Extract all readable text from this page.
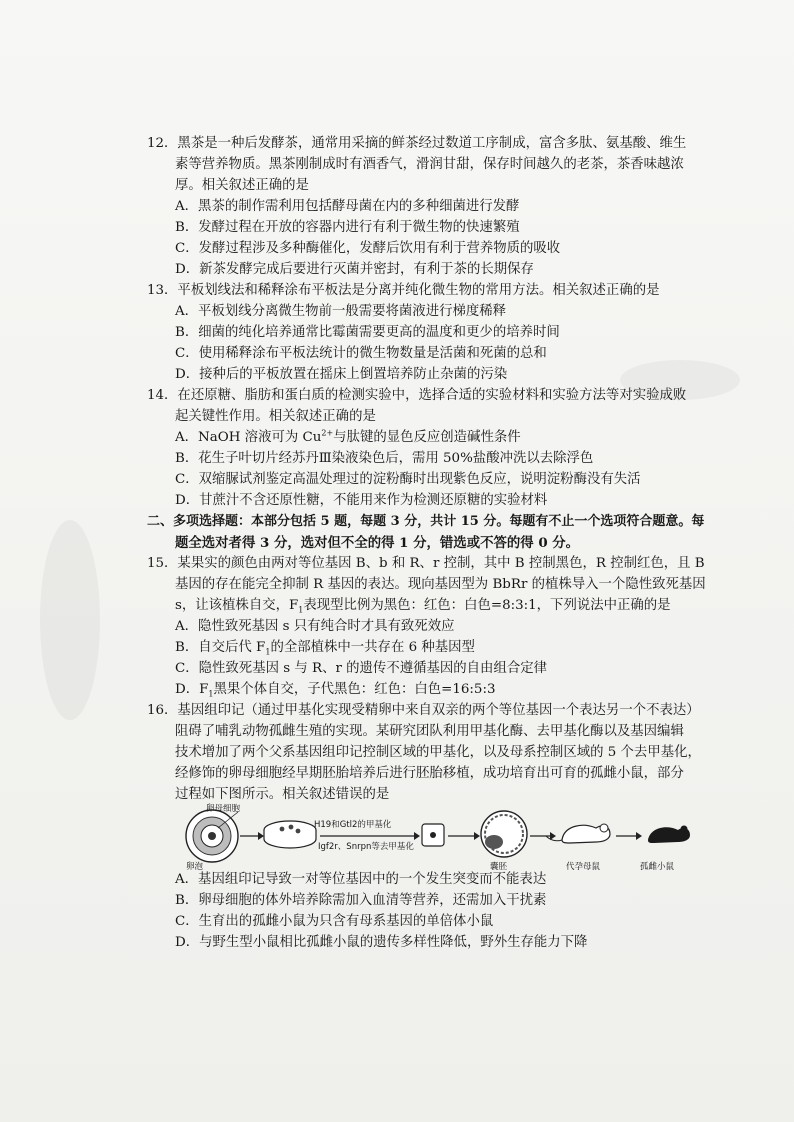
12．黑茶是一种后发酵茶，通常用采摘的鲜茶经过数道工序制成，富含多肽、氨基酸、维生
素等营养物质。黑茶刚制成时有酒香气，滑润甘甜，保存时间越久的老茶，茶香味越浓
厚。相关叙述正确的是
A．黑茶的制作需利用包括酵母菌在内的多种细菌进行发酵
B．发酵过程在开放的容器内进行有利于微生物的快速繁殖
C．发酵过程涉及多种酶催化，发酵后饮用有利于营养物质的吸收
D．新茶发酵完成后要进行灭菌并密封，有利于茶的长期保存
13．平板划线法和稀释涂布平板法是分离并纯化微生物的常用方法。相关叙述正确的是
A．平板划线分离微生物前一般需要将菌液进行梯度稀释
B．细菌的纯化培养通常比霉菌需要更高的温度和更少的培养时间
C．使用稀释涂布平板法统计的微生物数量是活菌和死菌的总和
D．接种后的平板放置在摇床上倒置培养防止杂菌的污染
14．在还原糖、脂肪和蛋白质的检测实验中，选择合适的实验材料和实验方法等对实验成败
起关键性作用。相关叙述正确的是
A．NaOH 溶液可为 $Cu^{2+}$与肽键的显色反应创造碱性条件
B．花生子叶切片经苏丹Ⅲ染液染色后，需用 50%盐酸冲洗以去除浮色
C．双缩脲试剂鉴定高温处理过的淀粉酶时出现紫色反应，说明淀粉酶没有失活
D．甘蔗汁不含还原性糖，不能用来作为检测还原糖的实验材料
二、多项选择题：本部分包括 5 题，每题 3 分，共计 15 分。每题有不止一个选项符合题意。每
题全选对者得 3 分，选对但不全的得 1 分，错选或不答的得 0 分。
15．某果实的颜色由两对等位基因 B、b 和 R、r 控制，其中 B 控制黑色，R 控制红色，且 B
基因的存在能完全抑制 R 基因的表达。现向基因型为 BbRr 的植株导入一个隐性致死基因
s，让该植株自交，$F_1$表现型比例为黑色：红色：白色=8:3:1，下列说法中正确的是
A．隐性致死基因 s 只有纯合时才具有致死效应
B．自交后代 $F_1$的全部植株中一共存在 6 种基因型
C．隐性致死基因 s 与 R、r 的遗传不遵循基因的自由组合定律
D．$F_1$黑果个体自交，子代黑色：红色：白色=16:5:3
16．基因组印记（通过甲基化实现受精卵中来自双亲的两个等位基因一个表达另一个不表达）
阻碍了哺乳动物孤雌生殖的实现。某研究团队利用甲基化酶、去甲基化酶以及基因编辑
技术增加了两个父系基因组印记控制区域的甲基化，以及母系控制区域的 5 个去甲基化，
经修饰的卵母细胞经早期胚胎培养后进行胚胎移植，成功培育出可育的孤雌小鼠，部分
过程如下图所示。相关叙述错误的是
卵母细胞
卵泡
H19和Gtl2的甲基化
Igf2r、Snrpn等去甲基化
囊胚	代孕母鼠	孤雌小鼠
A．基因组印记导致一对等位基因中的一个发生突变而不能表达
B．卵母细胞的体外培养除需加入血清等营养，还需加入干扰素
C．生育出的孤雌小鼠为只含有母系基因的单倍体小鼠
D．与野生型小鼠相比孤雌小鼠的遗传多样性降低，野外生存能力下降
